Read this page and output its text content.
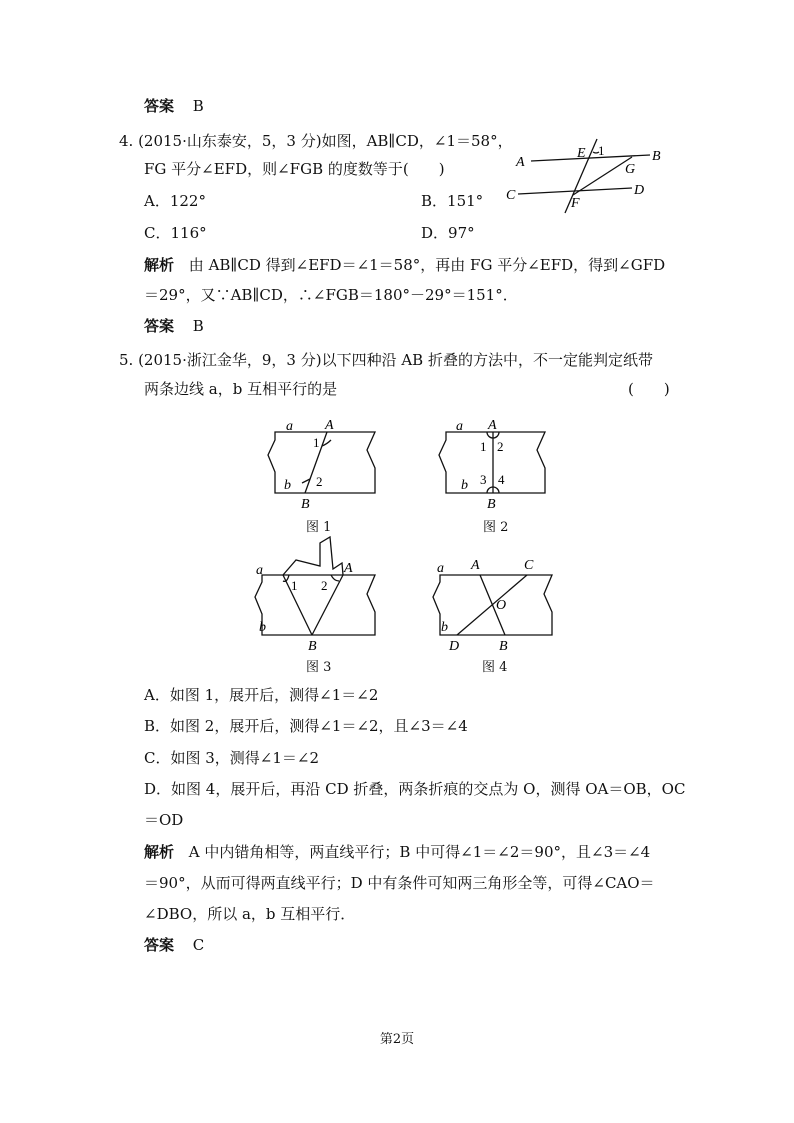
答案 B
4. (2015·山东泰安，5，3 分)如图，AB∥CD，∠1＝58°，
FG 平分∠EFD，则∠FGB 的度数等于(　　)
A．122°	B．151°
C．116°	D．97°
解析 由 AB∥CD 得到∠EFD＝∠1＝58°，再由 FG 平分∠EFD，得到∠GFD
＝29°，又∵AB∥CD，∴∠FGB＝180°－29°＝151°．
答案 B
5. (2015·浙江金华，9，3 分)以下四种沿 AB 折叠的方法中，不一定能判定纸带
两条边线 a，b 互相平行的是	(　　)
A．如图 1，展开后，测得∠1＝∠2
B．如图 2，展开后，测得∠1＝∠2，且∠3＝∠4
C．如图 3，测得∠1＝∠2
D．如图 4，展开后，再沿 CD 折叠，两条折痕的交点为 O，测得 OA＝OB，OC
＝OD
解析 A 中内错角相等，两直线平行；B 中可得∠1＝∠2＝90°，且∠3＝∠4
＝90°，从而可得两直线平行；D 中有条件可知两三角形全等，可得∠CAO＝
∠DBO，所以 a，b 互相平行．
答案 C
A	B
C	D
E
F
G
1
a A
1
2
b
B
图 1
a A
1 2
3 4
b
B
图 2
a
1 2
A
b
B
图 3
a A	C
O
b
D	B
图 4
第2页
